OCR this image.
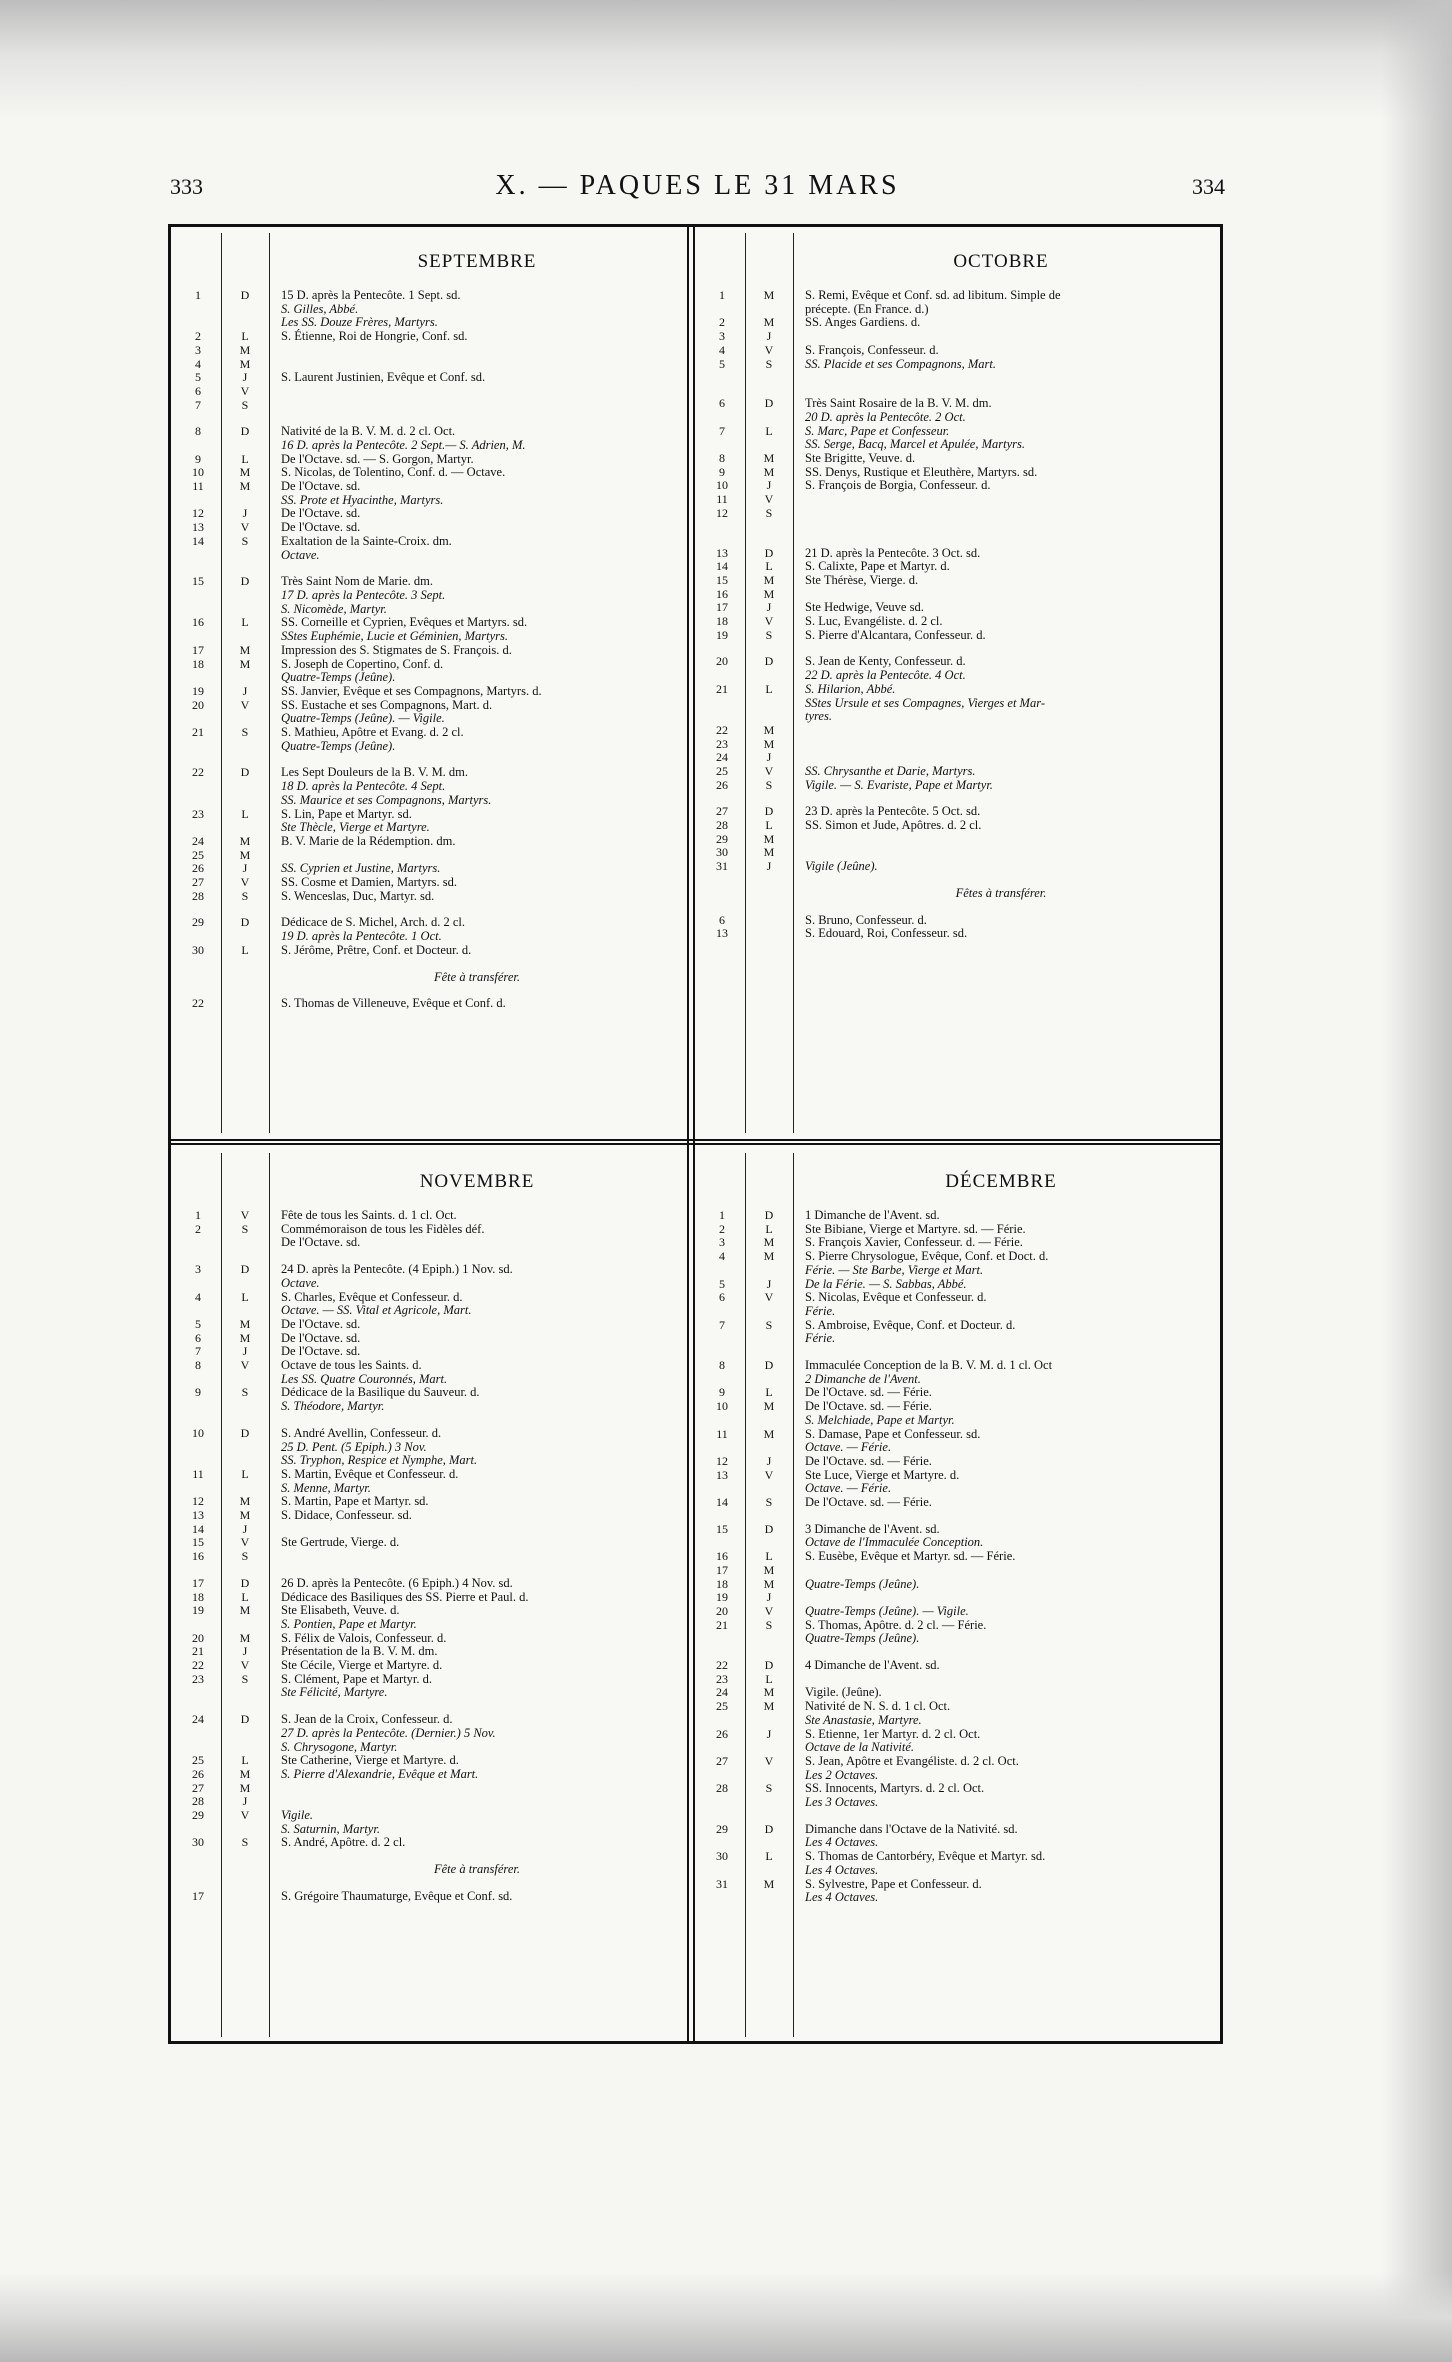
333	X. — PAQUES LE 31 MARS	334
SEPTEMBRE
1	D	15 D. après la Pentecôte. 1 Sept. sd.
S. Gilles, Abbé.
Les SS. Douze Frères, Martyrs.
2	L	S. Étienne, Roi de Hongrie, Conf. sd.
3	M
4	M
5	J	S. Laurent Justinien, Evêque et Conf. sd.
6	V
7	S
8	D	Nativité de la B. V. M. d. 2 cl. Oct.
16 D. après la Pentecôte. 2 Sept.— S. Adrien, M.
9	L	De l'Octave. sd. — S. Gorgon, Martyr.
10	M	S. Nicolas, de Tolentino, Conf. d. — Octave.
11	M	De l'Octave. sd.
SS. Prote et Hyacinthe, Martyrs.
12	J	De l'Octave. sd.
13	V	De l'Octave. sd.
14	S	Exaltation de la Sainte-Croix. dm.
Octave.
15	D	Très Saint Nom de Marie. dm.
17 D. après la Pentecôte. 3 Sept.
S. Nicomède, Martyr.
16	L	SS. Corneille et Cyprien, Evêques et Martyrs. sd.
SStes Euphémie, Lucie et Géminien, Martyrs.
17	M	Impression des S. Stigmates de S. François. d.
18	M	S. Joseph de Copertino, Conf. d.
Quatre-Temps (Jeûne).
19	J	SS. Janvier, Evêque et ses Compagnons, Martyrs. d.
20	V	SS. Eustache et ses Compagnons, Mart. d.
Quatre-Temps (Jeûne). — Vigile.
21	S	S. Mathieu, Apôtre et Evang. d. 2 cl.
Quatre-Temps (Jeûne).
22	D	Les Sept Douleurs de la B. V. M. dm.
18 D. après la Pentecôte. 4 Sept.
SS. Maurice et ses Compagnons, Martyrs.
23	L	S. Lin, Pape et Martyr. sd.
Ste Thècle, Vierge et Martyre.
24	M	B. V. Marie de la Rédemption. dm.
25	M
26	J	SS. Cyprien et Justine, Martyrs.
27	V	SS. Cosme et Damien, Martyrs. sd.
28	S	S. Wenceslas, Duc, Martyr. sd.
29	D	Dédicace de S. Michel, Arch. d. 2 cl.
19 D. après la Pentecôte. 1 Oct.
30	L	S. Jérôme, Prêtre, Conf. et Docteur. d.
Fête à transférer.
22	S. Thomas de Villeneuve, Evêque et Conf. d.
OCTOBRE
1	M	S. Remi, Evêque et Conf. sd. ad libitum. Simple de
précepte. (En France. d.)
2	M	SS. Anges Gardiens. d.
3	J
4	V	S. François, Confesseur. d.
5	S	SS. Placide et ses Compagnons, Mart.
6	D	Très Saint Rosaire de la B. V. M. dm.
20 D. après la Pentecôte. 2 Oct.
7	L	S. Marc, Pape et Confesseur.
SS. Serge, Bacq, Marcel et Apulée, Martyrs.
8	M	Ste Brigitte, Veuve. d.
9	M	SS. Denys, Rustique et Eleuthère, Martyrs. sd.
10	J	S. François de Borgia, Confesseur. d.
11	V
12	S
13	D	21 D. après la Pentecôte. 3 Oct. sd.
14	L	S. Calixte, Pape et Martyr. d.
15	M	Ste Thérèse, Vierge. d.
16	M
17	J	Ste Hedwige, Veuve sd.
18	V	S. Luc, Evangéliste. d. 2 cl.
19	S	S. Pierre d'Alcantara, Confesseur. d.
20	D	S. Jean de Kenty, Confesseur. d.
22 D. après la Pentecôte. 4 Oct.
21	L	S. Hilarion, Abbé.
SStes Ursule et ses Compagnes, Vierges et Mar-
tyres.
22	M
23	M
24	J
25	V	SS. Chrysanthe et Darie, Martyrs.
26	S	Vigile. — S. Evariste, Pape et Martyr.
27	D	23 D. après la Pentecôte. 5 Oct. sd.
28	L	SS. Simon et Jude, Apôtres. d. 2 cl.
29	M
30	M
31	J	Vigile (Jeûne).
Fêtes à transférer.
6	S. Bruno, Confesseur. d.
13	S. Edouard, Roi, Confesseur. sd.
NOVEMBRE
1	V	Fête de tous les Saints. d. 1 cl. Oct.
2	S	Commémoraison de tous les Fidèles déf.
De l'Octave. sd.
3	D	24 D. après la Pentecôte. (4 Epiph.) 1 Nov. sd.
Octave.
4	L	S. Charles, Evêque et Confesseur. d.
Octave. — SS. Vital et Agricole, Mart.
5	M	De l'Octave. sd.
6	M	De l'Octave. sd.
7	J	De l'Octave. sd.
8	V	Octave de tous les Saints. d.
Les SS. Quatre Couronnés, Mart.
9	S	Dédicace de la Basilique du Sauveur. d.
S. Théodore, Martyr.
10	D	S. André Avellin, Confesseur. d.
25 D. Pent. (5 Epiph.) 3 Nov.
SS. Tryphon, Respice et Nymphe, Mart.
11	L	S. Martin, Evêque et Confesseur. d.
S. Menne, Martyr.
12	M	S. Martin, Pape et Martyr. sd.
13	M	S. Didace, Confesseur. sd.
14	J
15	V	Ste Gertrude, Vierge. d.
16	S
17	D	26 D. après la Pentecôte. (6 Epiph.) 4 Nov. sd.
18	L	Dédicace des Basiliques des SS. Pierre et Paul. d.
19	M	Ste Elisabeth, Veuve. d.
S. Pontien, Pape et Martyr.
20	M	S. Félix de Valois, Confesseur. d.
21	J	Présentation de la B. V. M. dm.
22	V	Ste Cécile, Vierge et Martyre. d.
23	S	S. Clément, Pape et Martyr. d.
Ste Félicité, Martyre.
24	D	S. Jean de la Croix, Confesseur. d.
27 D. après la Pentecôte. (Dernier.) 5 Nov.
S. Chrysogone, Martyr.
25	L	Ste Catherine, Vierge et Martyre. d.
26	M	S. Pierre d'Alexandrie, Evêque et Mart.
27	M
28	J
29	V	Vigile.
S. Saturnin, Martyr.
30	S	S. André, Apôtre. d. 2 cl.
Fête à transférer.
17	S. Grégoire Thaumaturge, Evêque et Conf. sd.
DÉCEMBRE
1	D	1 Dimanche de l'Avent. sd.
2	L	Ste Bibiane, Vierge et Martyre. sd. — Férie.
3	M	S. François Xavier, Confesseur. d. — Férie.
4	M	S. Pierre Chrysologue, Evêque, Conf. et Doct. d.
Férie. — Ste Barbe, Vierge et Mart.
5	J	De la Férie. — S. Sabbas, Abbé.
6	V	S. Nicolas, Evêque et Confesseur. d.
Férie.
7	S	S. Ambroise, Evêque, Conf. et Docteur. d.
Férie.
8	D	Immaculée Conception de la B. V. M. d. 1 cl. Oct
2 Dimanche de l'Avent.
9	L	De l'Octave. sd. — Férie.
10	M	De l'Octave. sd. — Férie.
S. Melchiade, Pape et Martyr.
11	M	S. Damase, Pape et Confesseur. sd.
Octave. — Férie.
12	J	De l'Octave. sd. — Férie.
13	V	Ste Luce, Vierge et Martyre. d.
Octave. — Férie.
14	S	De l'Octave. sd. — Férie.
15	D	3 Dimanche de l'Avent. sd.
Octave de l'Immaculée Conception.
16	L	S. Eusèbe, Evêque et Martyr. sd. — Férie.
17	M
18	M	Quatre-Temps (Jeûne).
19	J
20	V	Quatre-Temps (Jeûne). — Vigile.
21	S	S. Thomas, Apôtre. d. 2 cl. — Férie.
Quatre-Temps (Jeûne).
22	D	4 Dimanche de l'Avent. sd.
23	L
24	M	Vigile. (Jeûne).
25	M	Nativité de N. S. d. 1 cl. Oct.
Ste Anastasie, Martyre.
26	J	S. Etienne, 1er Martyr. d. 2 cl. Oct.
Octave de la Nativité.
27	V	S. Jean, Apôtre et Evangéliste. d. 2 cl. Oct.
Les 2 Octaves.
28	S	SS. Innocents, Martyrs. d. 2 cl. Oct.
Les 3 Octaves.
29	D	Dimanche dans l'Octave de la Nativité. sd.
Les 4 Octaves.
30	L	S. Thomas de Cantorbéry, Evêque et Martyr. sd.
Les 4 Octaves.
31	M	S. Sylvestre, Pape et Confesseur. d.
Les 4 Octaves.
